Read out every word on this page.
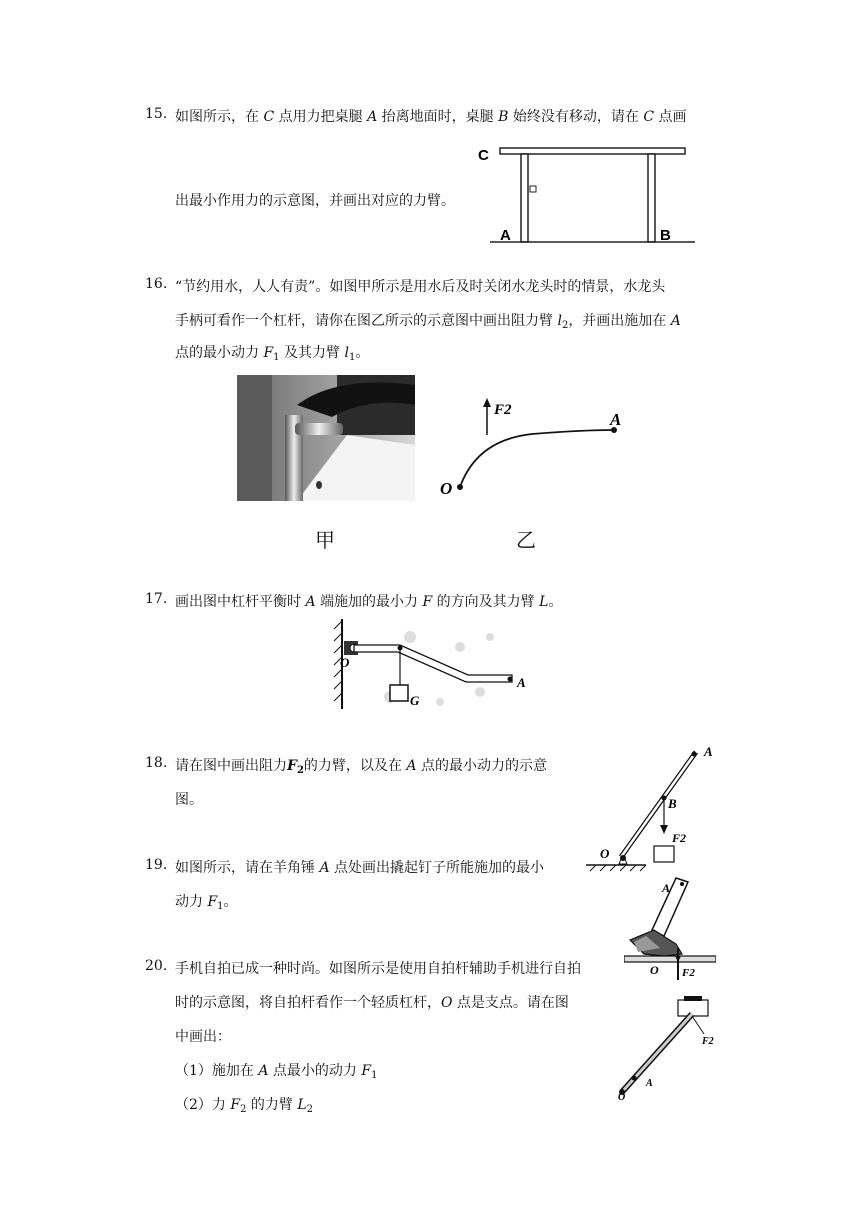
15. 如图所示，在 C 点用力把桌腿 A 抬离地面时，桌腿 B 始终没有移动，请在 C 点画
出最小作用力的示意图，并画出对应的力臂。
C
A	B
16. “节约用水，人人有责”。如图甲所示是用水后及时关闭水龙头时的情景，水龙头
手柄可看作一个杠杆，请你在图乙所示的示意图中画出阻力臂 $l_2$，并画出施加在 A
点的最小动力 $F_1$ 及其力臂 $l_1$。
甲
F2
O
A
乙
17. 画出图中杠杆平衡时 A 端施加的最小力 F 的方向及其力臂 L。
O
G
A
18. 请在图中画出阻力$F_2$的力臂，以及在 A 点的最小动力的示意
图。
A
B
O
F2
19. 如图所示，请在羊角锤 A 点处画出撬起钉子所能施加的最小
动力 $F_1$。
A
O F2
20. 手机自拍已成一种时尚。如图所示是使用自拍杆辅助手机进行自拍
时的示意图，将自拍杆看作一个轻质杠杆，O 点是支点。请在图
中画出：
（1）施加在 A 点最小的动力 $F_1$
（2）力 $F_2$ 的力臂 $L_2$
O
A
F2
